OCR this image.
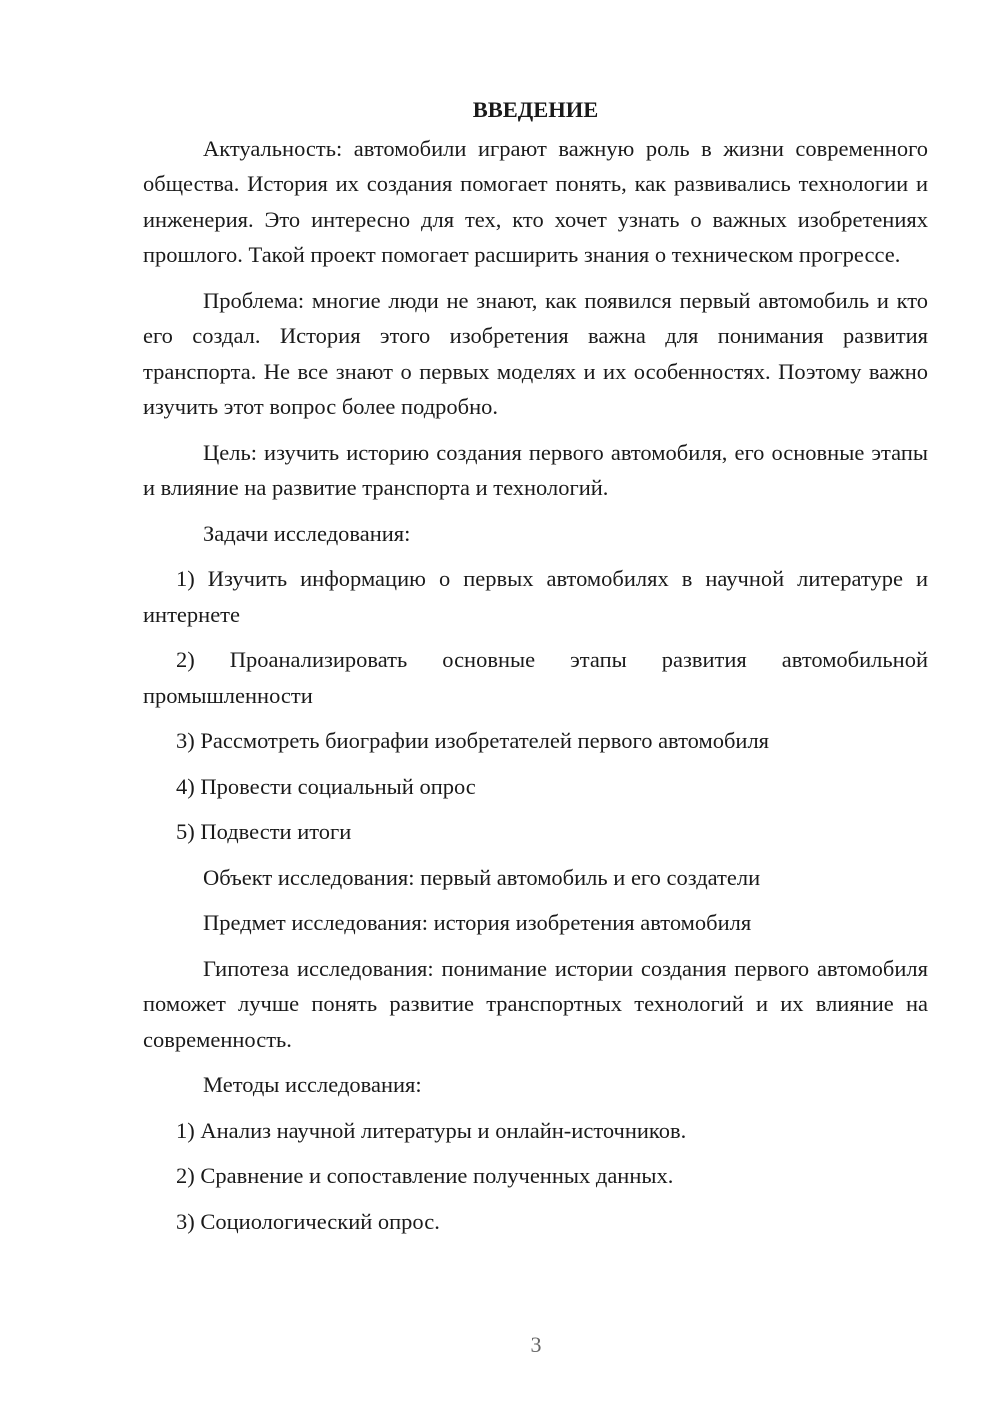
ВВЕДЕНИЕ

Актуальность: автомобили играют важную роль в жизни современного общества. История их создания помогает понять, как развивались технологии и инженерия. Это интересно для тех, кто хочет узнать о важных изобретениях прошлого. Такой проект помогает расширить знания о техническом прогрессе.

Проблема: многие люди не знают, как появился первый автомобиль и кто его создал. История этого изобретения важна для понимания развития транспорта. Не все знают о первых моделях и их особенностях. Поэтому важно изучить этот вопрос более подробно.

Цель: изучить историю создания первого автомобиля, его основные этапы и влияние на развитие транспорта и технологий.

Задачи исследования:

1) Изучить информацию о первых автомобилях в научной литературе и интернете

2) Проанализировать основные этапы развития автомобильной промышленности

3) Рассмотреть биографии изобретателей первого автомобиля

4) Провести социальный опрос

5) Подвести итоги

Объект исследования: первый автомобиль и его создатели

Предмет исследования: история изобретения автомобиля

Гипотеза исследования: понимание истории создания первого автомобиля поможет лучше понять развитие транспортных технологий и их влияние на современность.

Методы исследования:

1) Анализ научной литературы и онлайн-источников.

2) Сравнение и сопоставление полученных данных.

3) Социологический опрос.

3
